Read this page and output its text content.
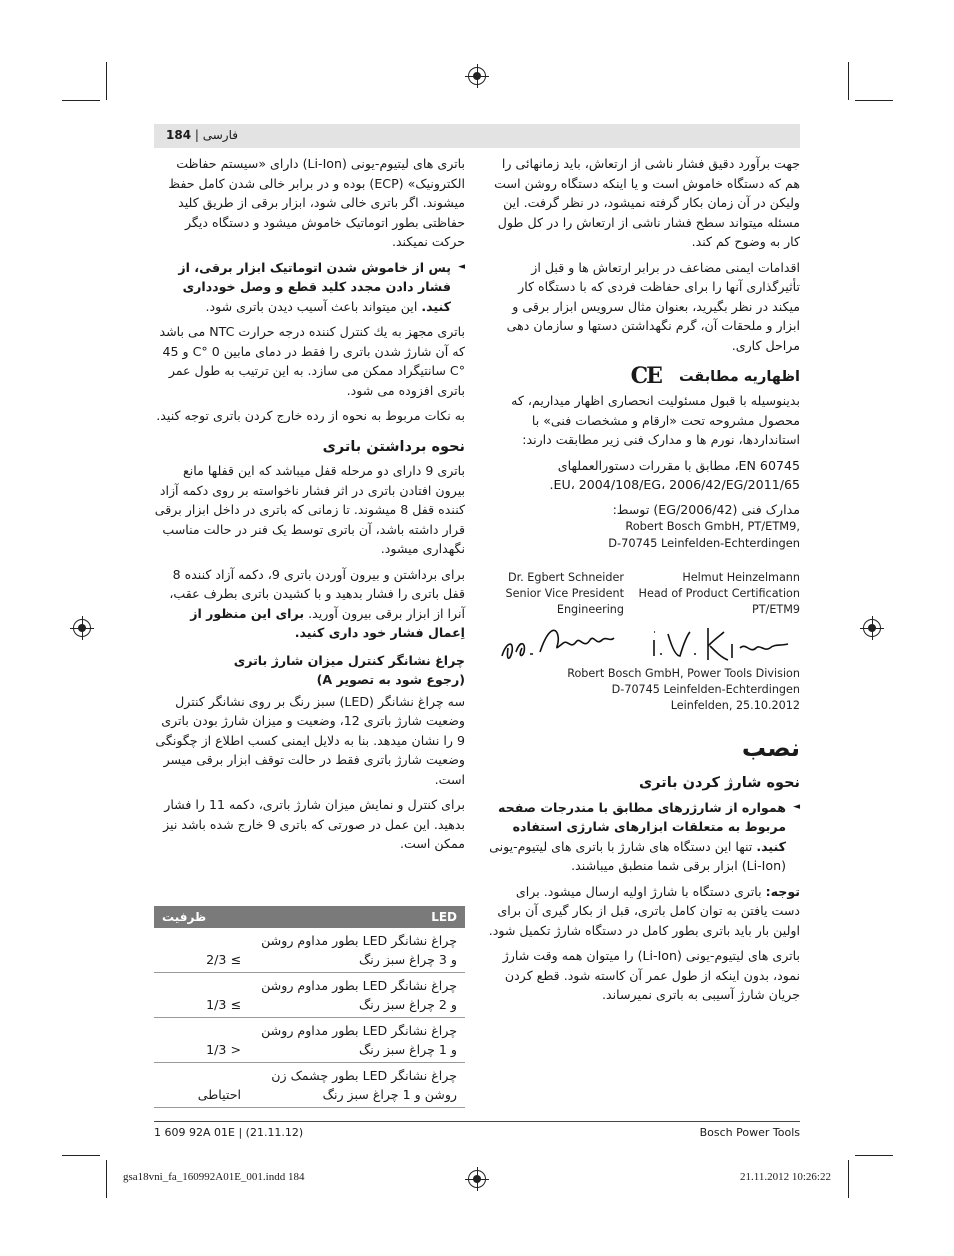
184 | فارسی

جهت برآورد دقیق فشار ناشی از ارتعاش، باید زمانهائی را هم که دستگاه خاموش است و یا اینکه دستگاه روشن است ولیکن در آن زمان بکار گرفته نمیشود، در نظر گرفت. این مسئله میتواند سطح فشار ناشی از ارتعاش را در کل طول کار به وضوح کم کند.

اقدامات ایمنی مضاعف در برابر ارتعاش ها و قبل از تأثیرگذاری آنها را برای حفاظت فردی که با دستگاه کار میکند در نظر بگیرید، بعنوان مثال سرویس ابزار برقی و ابزار و ملحقات آن، گرم نگهداشتن دستها و سازمان دهی مراحل کاری.

اظهاریه مطابقتCE

بدینوسیله با قبول مسئولیت انحصاری اظهار میداریم، که محصول مشروحه تحت «ارقام و مشخصات فنی» با استانداردها، نورم ها و مدارک فنی زیر مطابقت دارند:

EN 60745، مطابق با مقررات دستورالعملهای 2011/65/EU، 2004/108/EG، 2006/42/EG.

مدارک فنی (2006/42/EG) توسط:

Robert Bosch GmbH, PT/ETM9,
D-70745 Leinfelden-Echterdingen

Helmut Heinzelmann
Head of Product Certification
PT/ETM9
Dr. Egbert Schneider
Senior Vice President
Engineering
Robert Bosch GmbH, Power Tools Division
D-70745 Leinfelden-Echterdingen
Leinfelden, 25.10.2012
نصب
نحوه شارژ کردن باتری
◄ همواره از شارژرهای مطابق با مندرجات صفحه مربوط به متعلقات ابزارهای شارژی استفاده کنید. تنها این دستگاه های شارژ با باتری های لیتیوم-یونی (Li-Ion) ابزار برقی شما منطبق میباشند.

توجه: باتری دستگاه با شارژ اولیه ارسال میشود. برای دست یافتن به توان کامل باتری، قبل از بکار گیری آن برای اولین بار باید باتری بطور کامل در دستگاه شارژ تکمیل شود.

باتری های لیتیوم-یونی (Li-Ion) را میتوان همه وقت شارژ نمود، بدون اینکه از طول عمر آن کاسته شود. قطع کردن جریان شارژ آسیبی به باتری نمیرساند.

باتری های لیتیوم-یونی (Li-Ion) دارای «سیستم حفاظت الکترونیک» (ECP) بوده و در برابر خالی شدن کامل حفظ میشوند. اگر باتری خالی شود، ابزار برقی از طریق کلید حفاظتی بطور اتوماتیک خاموش میشود و دستگاه دیگر حرکت نمیکند.

◄ پس از خاموش شدن اتوماتیک ابزار برقی، از فشار دادن مجدد کلید قطع و وصل خودداری کنید. این میتواند باعث آسیب دیدن باتری شود.

باتری مجهز به یك کنترل کننده درجه حرارت NTC می باشد که آن شارژ شدن باتری را فقط در دمای مابین 0 °C و 45 °C سانتیگراد ممکن می سازد. به این ترتیب به طول عمر باتری افزوده می شود.

به نکات مربوط به نحوه از رده خارج کردن باتری توجه کنید.

نحوه برداشتن باتری

باتری 9 دارای دو مرحله قفل میباشد که این قفلها مانع بیرون افتادن باتری در اثر فشار ناخواسته بر روی دکمه آزاد کننده قفل 8 میشوند. تا زمانی که باتری در داخل ابزار برقی قرار داشته باشد، آن باتری توسط یک فنر در حالت مناسب نگهداری میشود.

برای برداشتن و بیرون آوردن باتری 9، دکمه آزاد کننده 8 قفل باتری را فشار بدهید و با کشیدن باتری بطرف عقب، آنرا از ابزار برقی بیرون آورید. برای این منظور از اِعمال فشار خود داری کنید.

چراغ نشانگر کنترل میزان شارژ باتری
(رجوع شود به تصویر A)

سه چراغ نشانگر (LED) سبز رنگ بر روی نشانگر کنترل وضعیت شارژ باتری 12، وضعیت و میزان شارژ بودن باتری 9 را نشان میدهد. بنا به دلایل ایمنی کسب اطلاع از چگونگی وضعیت شارژ باتری فقط در حالت توقف ابزار برقی میسر است.

برای کنترل و نمایش میزان شارژ باتری، دکمه 11 را فشار بدهید. این عمل در صورتی که باتری 9 خارج شده باشد نیز ممکن است.

ظرفیت	LED
≥ 2/3	چراغ نشانگر LED بطور مداوم روشن و 3 چراغ سبز رنگ
≥ 1/3	چراغ نشانگر LED بطور مداوم روشن و 2 چراغ سبز رنگ
< 1/3	چراغ نشانگر LED بطور مداوم روشن و 1 چراغ سبز رنگ
احتیاطی	چراغ نشانگر LED بطور چشمک زن روشن و 1 چراغ سبز رنگ
1 609 92A 01E | (21.11.12)	Bosch Power Tools
gsa18vni_fa_160992A01E_001.indd 184	21.11.2012 10:26:22
